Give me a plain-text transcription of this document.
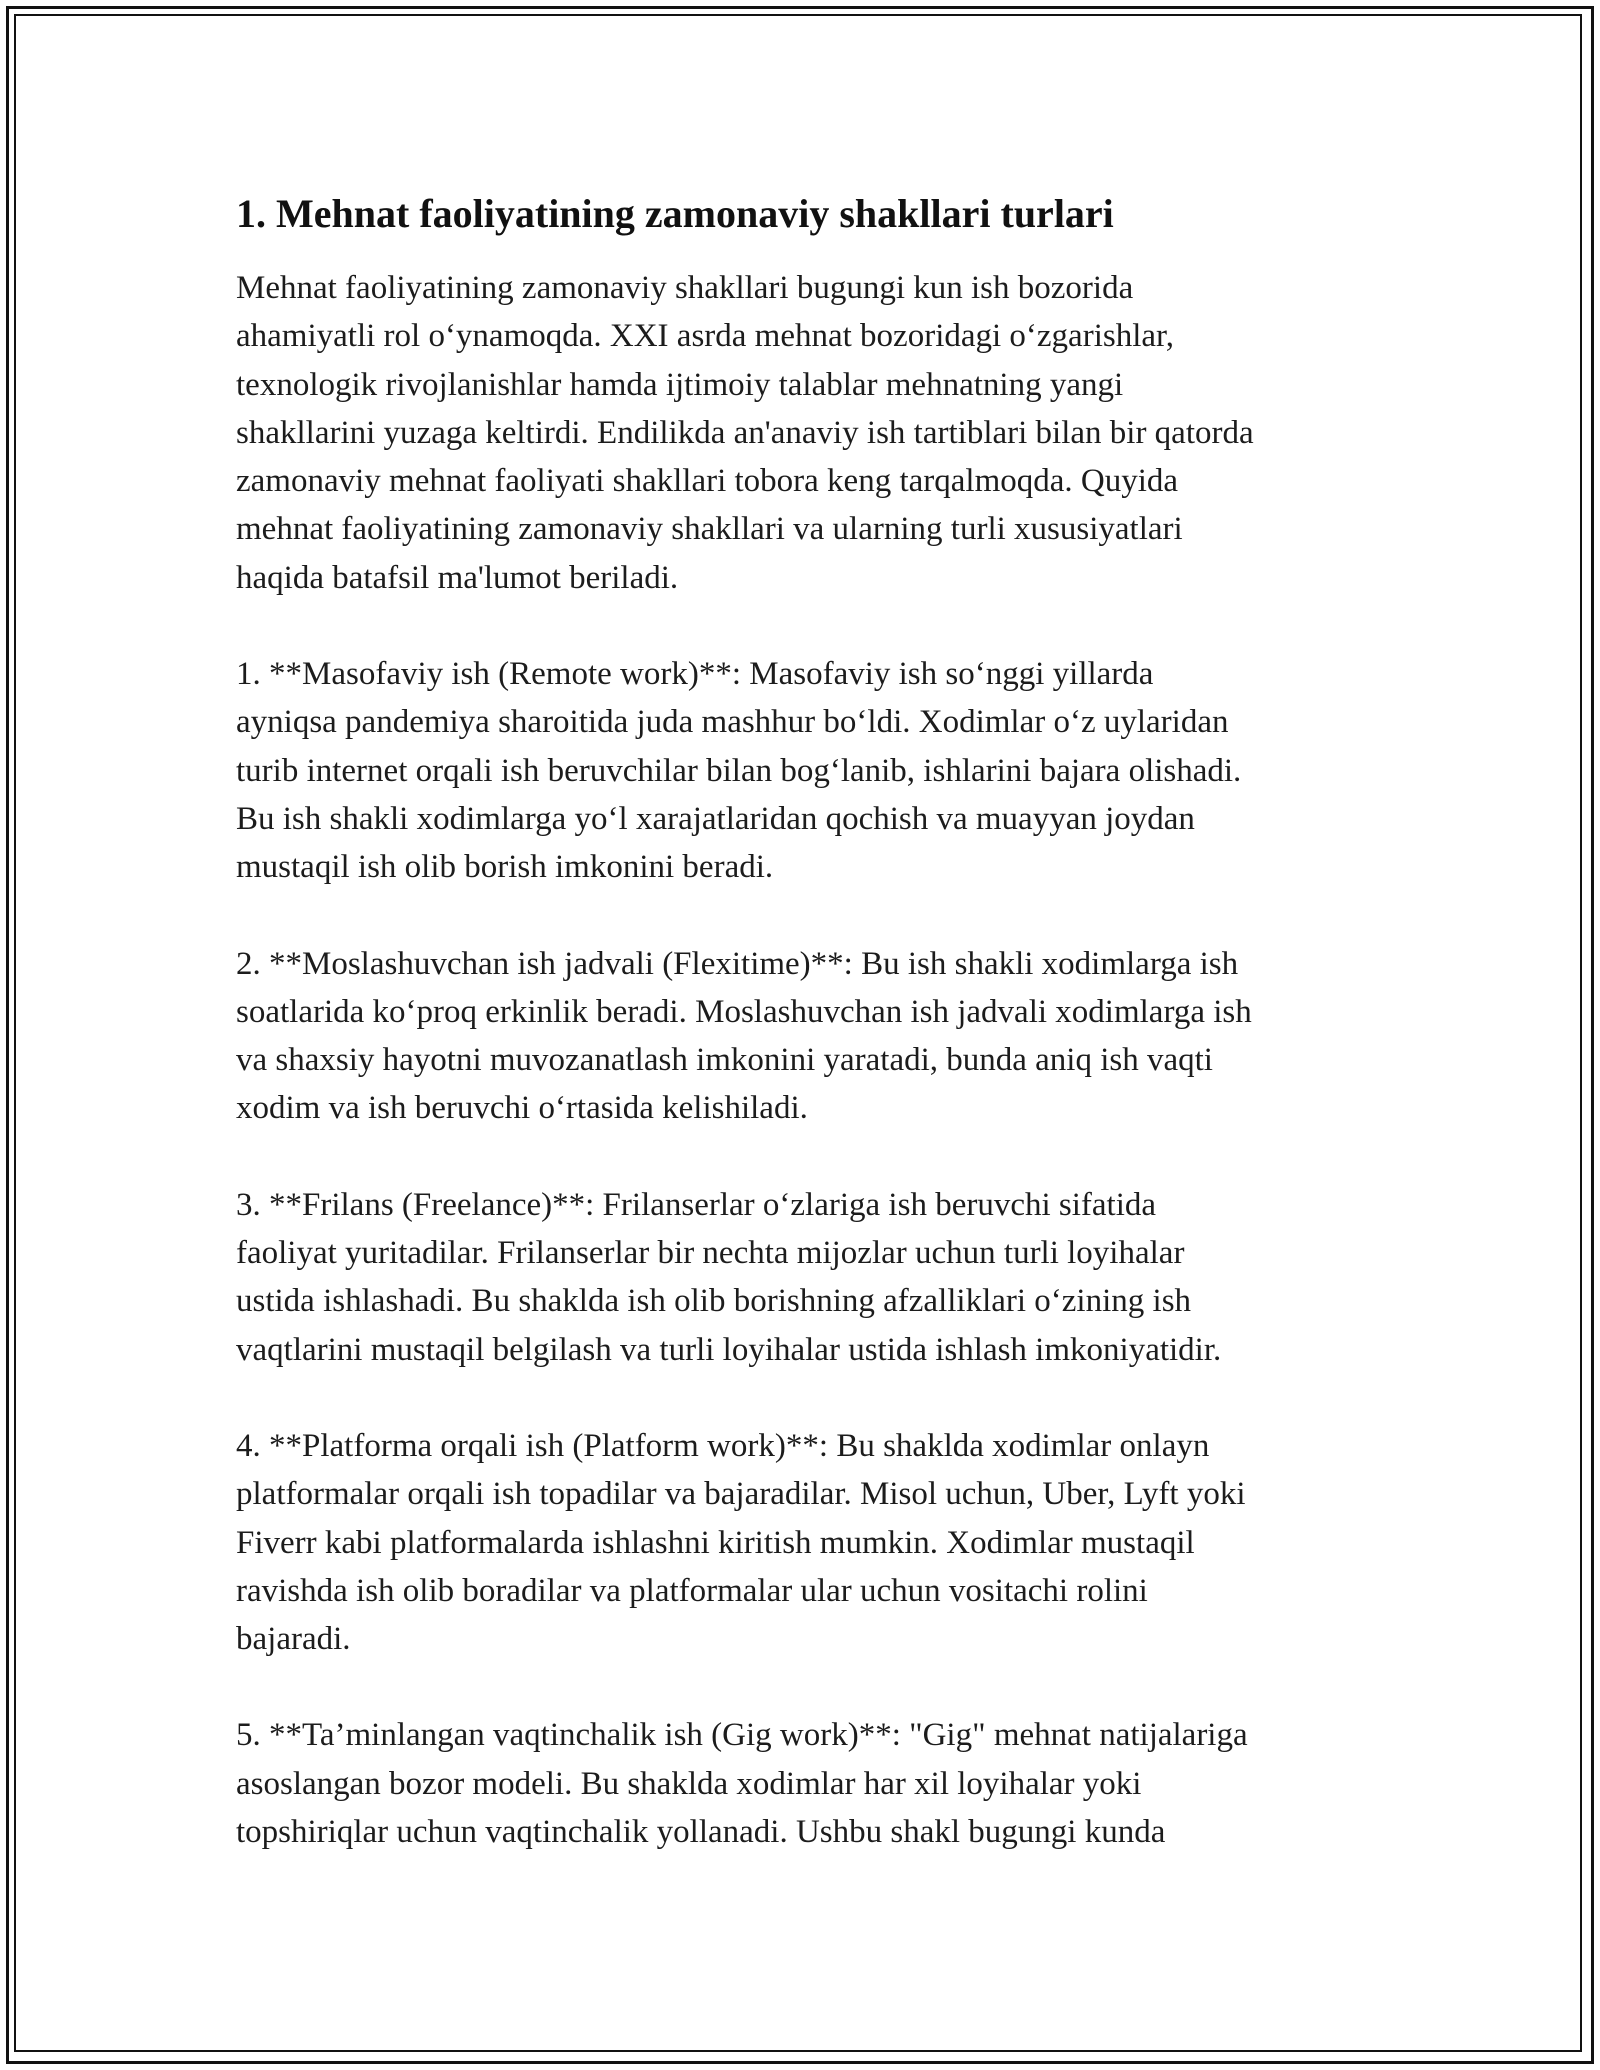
1. Mehnat faoliyatining zamonaviy shakllari turlari

Mehnat faoliyatining zamonaviy shakllari bugungi kun ish bozorida
ahamiyatli rol o‘ynamoqda. XXI asrda mehnat bozoridagi o‘zgarishlar,
texnologik rivojlanishlar hamda ijtimoiy talablar mehnatning yangi
shakllarini yuzaga keltirdi. Endilikda an'anaviy ish tartiblari bilan bir qatorda
zamonaviy mehnat faoliyati shakllari tobora keng tarqalmoqda. Quyida
mehnat faoliyatining zamonaviy shakllari va ularning turli xususiyatlari
haqida batafsil ma'lumot beriladi.

1. **Masofaviy ish (Remote work)**: Masofaviy ish so‘nggi yillarda
ayniqsa pandemiya sharoitida juda mashhur bo‘ldi. Xodimlar o‘z uylaridan
turib internet orqali ish beruvchilar bilan bog‘lanib, ishlarini bajara olishadi.
Bu ish shakli xodimlarga yo‘l xarajatlaridan qochish va muayyan joydan
mustaqil ish olib borish imkonini beradi.

2. **Moslashuvchan ish jadvali (Flexitime)**: Bu ish shakli xodimlarga ish
soatlarida ko‘proq erkinlik beradi. Moslashuvchan ish jadvali xodimlarga ish
va shaxsiy hayotni muvozanatlash imkonini yaratadi, bunda aniq ish vaqti
xodim va ish beruvchi o‘rtasida kelishiladi.

3. **Frilans (Freelance)**: Frilanserlar o‘zlariga ish beruvchi sifatida
faoliyat yuritadilar. Frilanserlar bir nechta mijozlar uchun turli loyihalar
ustida ishlashadi. Bu shaklda ish olib borishning afzalliklari o‘zining ish
vaqtlarini mustaqil belgilash va turli loyihalar ustida ishlash imkoniyatidir.

4. **Platforma orqali ish (Platform work)**: Bu shaklda xodimlar onlayn
platformalar orqali ish topadilar va bajaradilar. Misol uchun, Uber, Lyft yoki
Fiverr kabi platformalarda ishlashni kiritish mumkin. Xodimlar mustaqil
ravishda ish olib boradilar va platformalar ular uchun vositachi rolini
bajaradi.

5. **Ta’minlangan vaqtinchalik ish (Gig work)**: "Gig" mehnat natijalariga
asoslangan bozor modeli. Bu shaklda xodimlar har xil loyihalar yoki
topshiriqlar uchun vaqtinchalik yollanadi. Ushbu shakl bugungi kunda
